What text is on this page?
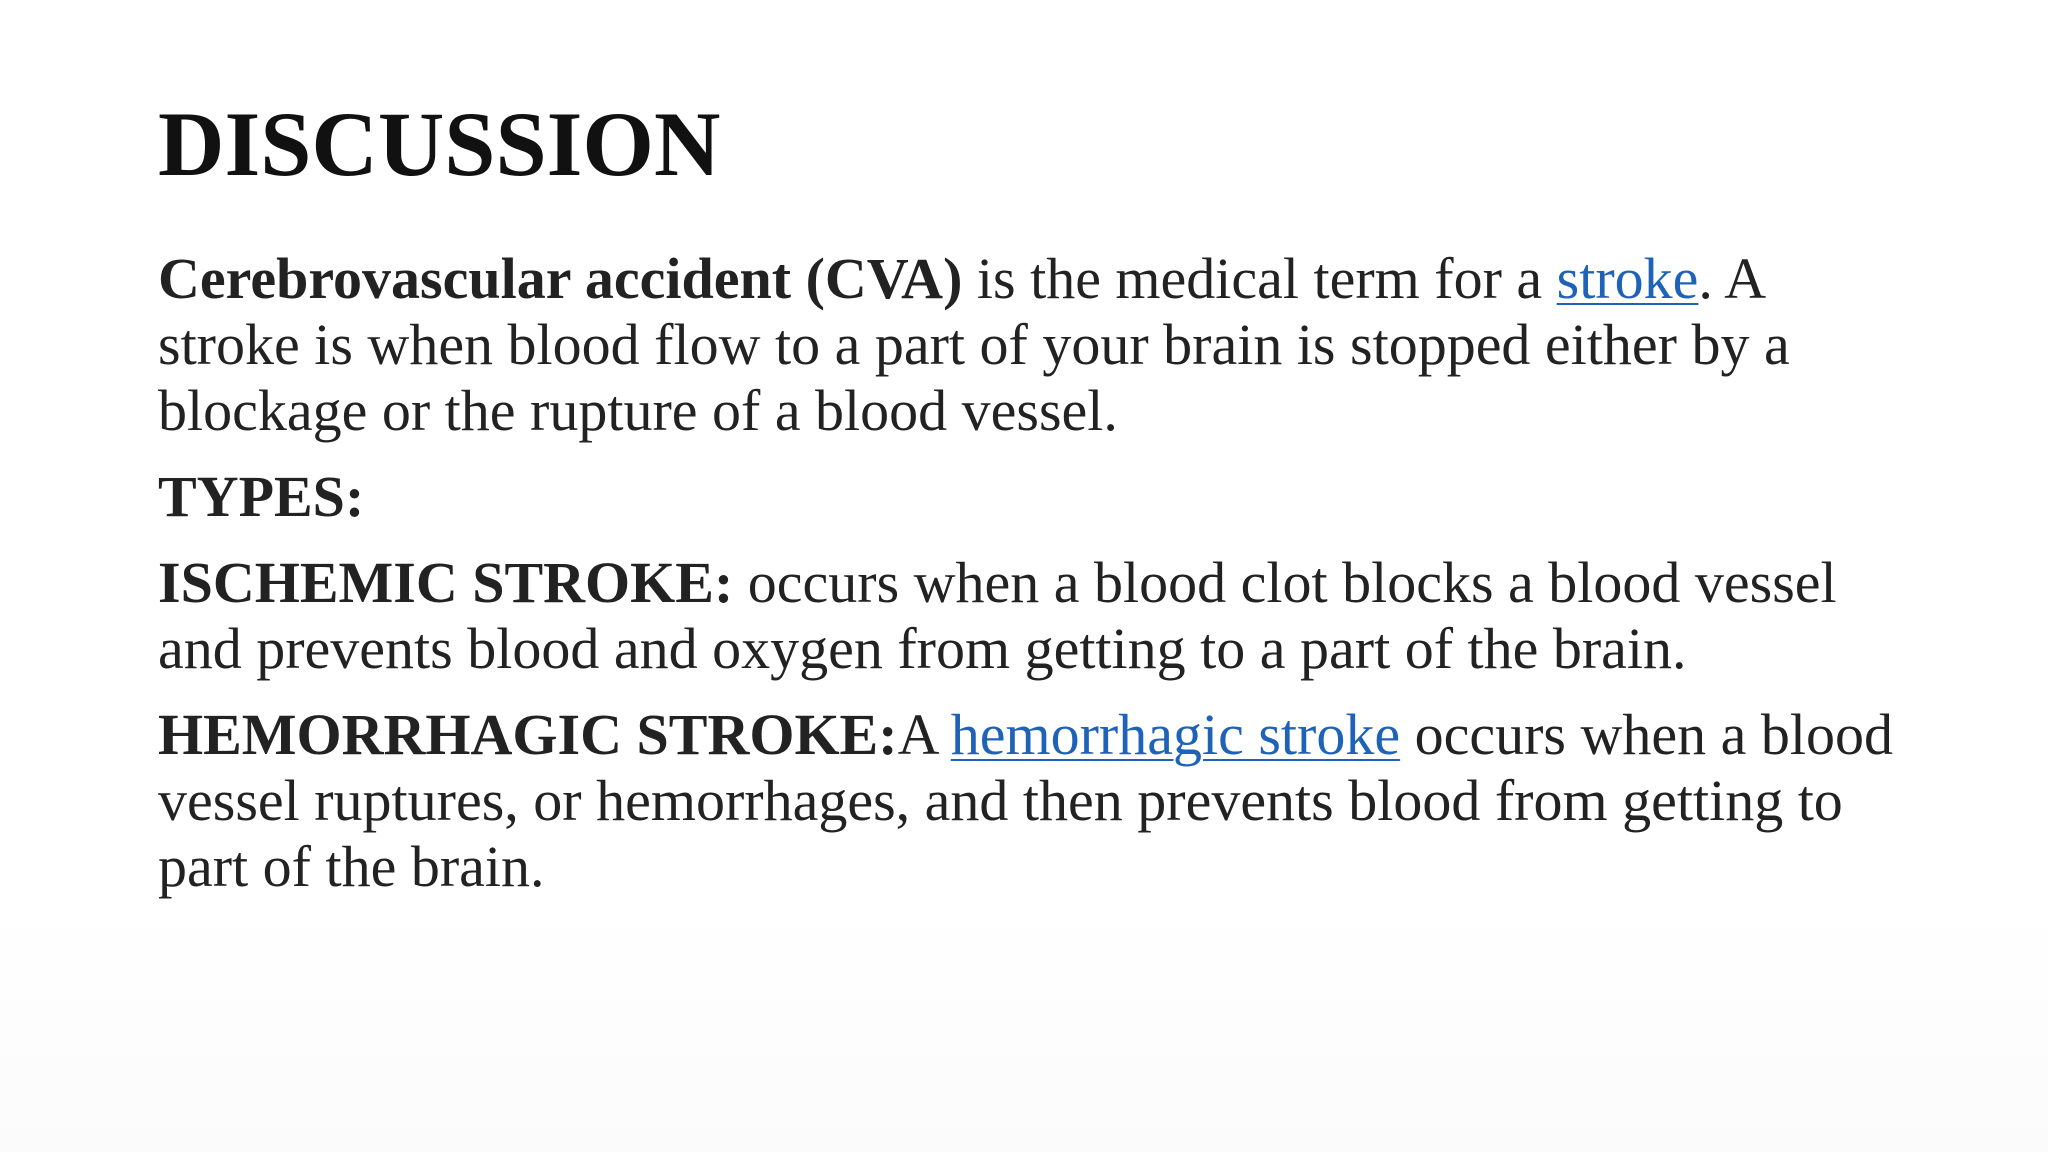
DISCUSSION

Cerebrovascular accident (CVA) is the medical term for a stroke. A stroke is when blood flow to a part of your brain is stopped either by a blockage or the rupture of a blood vessel.

TYPES:

ISCHEMIC STROKE: occurs when a blood clot blocks a blood vessel and prevents blood and oxygen from getting to a part of the brain.

HEMORRHAGIC STROKE:A hemorrhagic stroke occurs when a blood vessel ruptures, or hemorrhages, and then prevents blood from getting to part of the brain.
